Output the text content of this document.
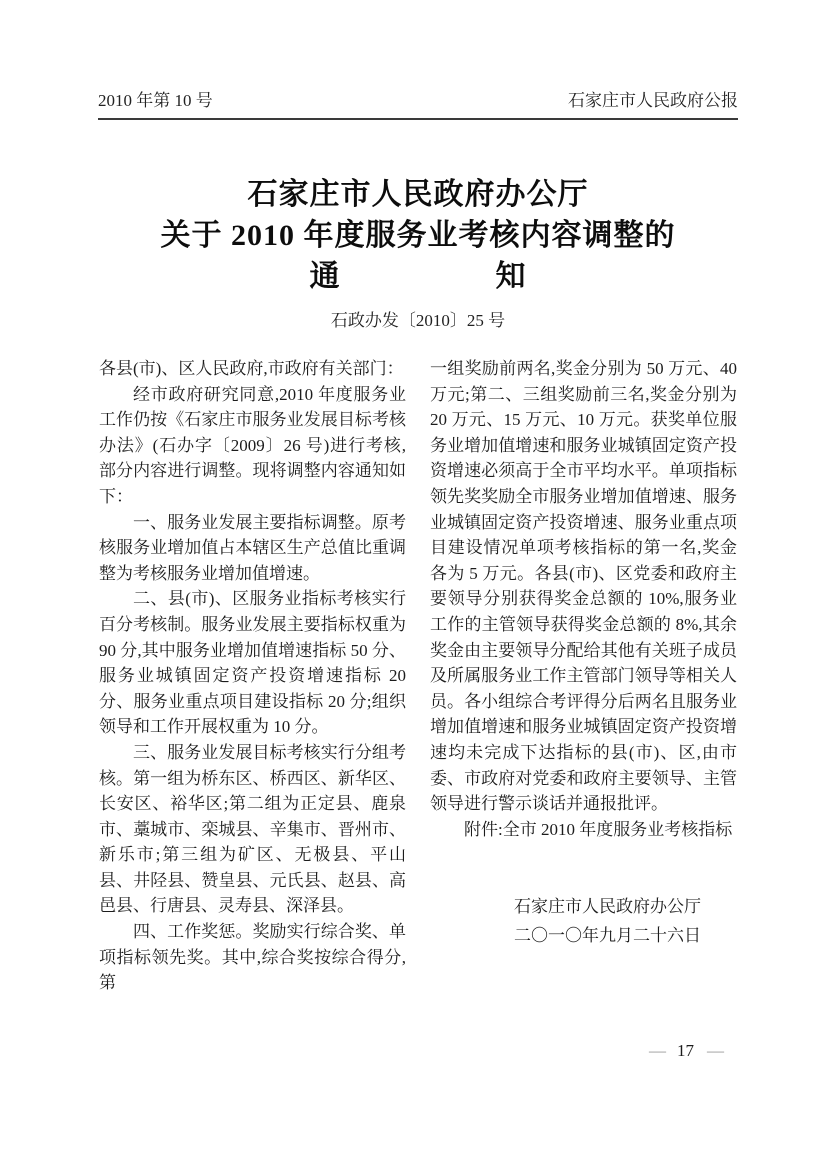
2010 年第 10 号	石家庄市人民政府公报
石家庄市人民政府办公厅
关于 2010 年度服务业考核内容调整的
通　　　　　知
石政办发〔2010〕25 号

各县(市)、区人民政府,市政府有关部门：

经市政府研究同意,2010 年度服务业工作仍按《石家庄市服务业发展目标考核办法》(石办字〔2009〕26 号)进行考核,部分内容进行调整。现将调整内容通知如下：

一、服务业发展主要指标调整。原考核服务业增加值占本辖区生产总值比重调整为考核服务业增加值增速。

二、县(市)、区服务业指标考核实行百分考核制。服务业发展主要指标权重为 90 分,其中服务业增加值增速指标 50 分、服务业城镇固定资产投资增速指标 20 分、服务业重点项目建设指标 20 分;组织领导和工作开展权重为 10 分。

三、服务业发展目标考核实行分组考核。第一组为桥东区、桥西区、新华区、长安区、裕华区;第二组为正定县、鹿泉市、藁城市、栾城县、辛集市、晋州市、新乐市;第三组为矿区、无极县、平山县、井陉县、赞皇县、元氏县、赵县、高邑县、行唐县、灵寿县、深泽县。

四、工作奖惩。奖励实行综合奖、单项指标领先奖。其中,综合奖按综合得分,第

一组奖励前两名,奖金分别为 50 万元、40 万元;第二、三组奖励前三名,奖金分别为 20 万元、15 万元、10 万元。获奖单位服务业增加值增速和服务业城镇固定资产投资增速必须高于全市平均水平。单项指标领先奖奖励全市服务业增加值增速、服务业城镇固定资产投资增速、服务业重点项目建设情况单项考核指标的第一名,奖金各为 5 万元。各县(市)、区党委和政府主要领导分别获得奖金总额的 10%,服务业工作的主管领导获得奖金总额的 8%,其余奖金由主要领导分配给其他有关班子成员及所属服务业工作主管部门领导等相关人员。各小组综合考评得分后两名且服务业增加值增速和服务业城镇固定资产投资增速均未完成下达指标的县(市)、区,由市委、市政府对党委和政府主要领导、主管领导进行警示谈话并通报批评。

附件:全市 2010 年度服务业考核指标

石家庄市人民政府办公厅
二〇一〇年九月二十六日
— 17 —
